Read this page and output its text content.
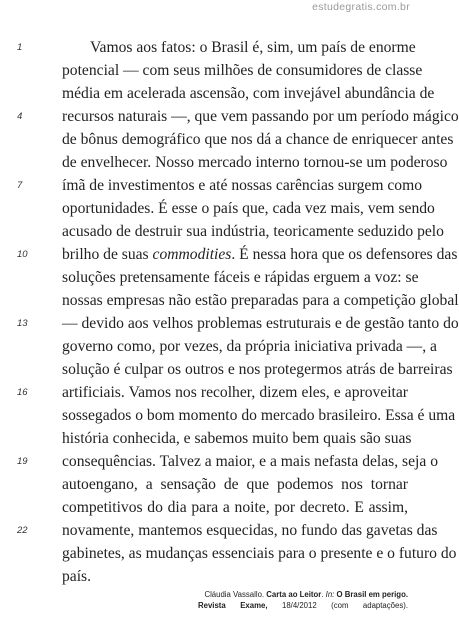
estudegratis.com.br
1
4
7
10
13
16
19
22
Vamos aos fatos: o Brasil é, sim, um país de enorme
potencial — com seus milhões de consumidores de classe
média em acelerada ascensão, com invejável abundância de
recursos naturais —, que vem passando por um período mágico
de bônus demográfico que nos dá a chance de enriquecer antes
de envelhecer. Nosso mercado interno tornou-se um poderoso
ímã de investimentos e até nossas carências surgem como
oportunidades. É esse o país que, cada vez mais, vem sendo
acusado de destruir sua indústria, teoricamente seduzido pelo
brilho de suas commodities. É nessa hora que os defensores das
soluções pretensamente fáceis e rápidas erguem a voz: se
nossas empresas não estão preparadas para a competição global
— devido aos velhos problemas estruturais e de gestão tanto do
governo como, por vezes, da própria iniciativa privada —, a
solução é culpar os outros e nos protegermos atrás de barreiras
artificiais. Vamos nos recolher, dizem eles, e aproveitar
sossegados o bom momento do mercado brasileiro. Essa é uma
história conhecida, e sabemos muito bem quais são suas
consequências. Talvez a maior, e a mais nefasta delas, seja o
autoengano, a sensação de que podemos nos tornar
competitivos do dia para a noite, por decreto. E assim,
novamente, mantemos esquecidas, no fundo das gavetas das
gabinetes, as mudanças essenciais para o presente e o futuro do
país.
Cláudia Vassallo. Carta ao Leitor. In: O Brasil em perigo.
Revista Exame, 18/4/2012 (com adaptações).
